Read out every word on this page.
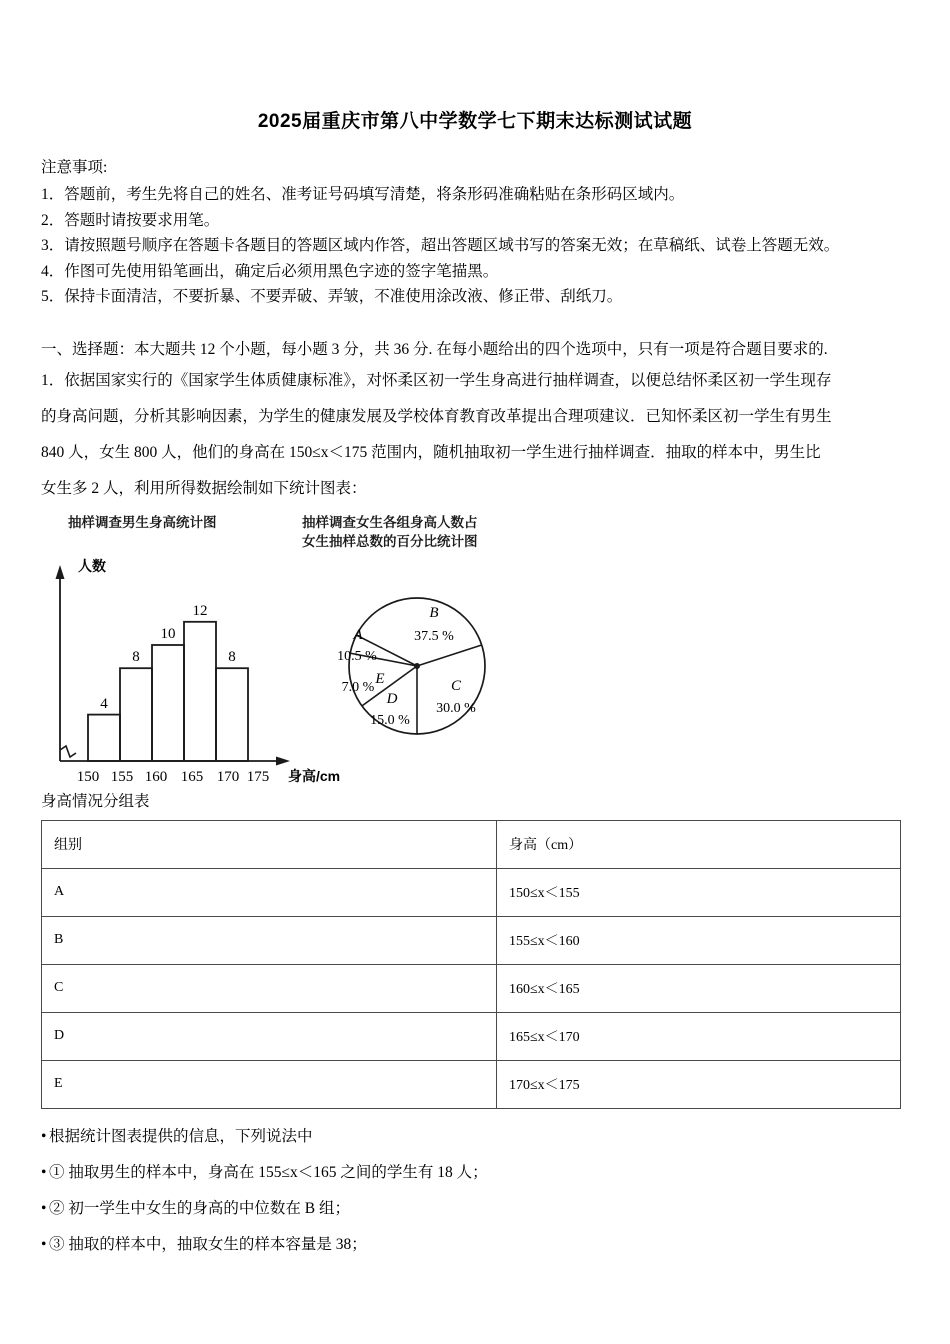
2025届重庆市第八中学数学七下期末达标测试试题
注意事项:
1．答题前，考生先将自己的姓名、准考证号码填写清楚，将条形码准确粘贴在条形码区域内。
2．答题时请按要求用笔。
3．请按照题号顺序在答题卡各题目的答题区域内作答，超出答题区域书写的答案无效；在草稿纸、试卷上答题无效。
4．作图可先使用铅笔画出，确定后必须用黑色字迹的签字笔描黑。
5．保持卡面清洁，不要折暴、不要弄破、弄皱，不准使用涂改液、修正带、刮纸刀。
一、选择题：本大题共 12 个小题，每小题 3 分，共 36 分. 在每小题给出的四个选项中，只有一项是符合题目要求的.
1．依据国家实行的《国家学生体质健康标准》，对怀柔区初一学生身高进行抽样调查，以便总结怀柔区初一学生现存
的身高问题，分析其影响因素，为学生的健康发展及学校体育教育改革提出合理项建议．已知怀柔区初一学生有男生
840 人，女生 800 人，他们的身高在 150≤x＜175 范围内，随机抽取初一学生进行抽样调查．抽取的样本中，男生比
女生多 2 人，利用所得数据绘制如下统计图表：
抽样调查男生身高统计图	抽样调查女生各组身高人数占
女生抽样总数的百分比统计图
4
8
10
12
8
150 155 160 165 170 175
人数
身高/cm
B
37.5 %
A
10.5 %
E
7.0 %
D
15.0 %
C
30.0 %
身高情况分组表
组别	身高（cm）
A	150≤x＜155
B	155≤x＜160
C	160≤x＜165
D	165≤x＜170
E	170≤x＜175
• 根据统计图表提供的信息，下列说法中
• ① 抽取男生的样本中，身高在 155≤x＜165 之间的学生有 18 人；
• ② 初一学生中女生的身高的中位数在 B 组；
• ③ 抽取的样本中，抽取女生的样本容量是 38；
